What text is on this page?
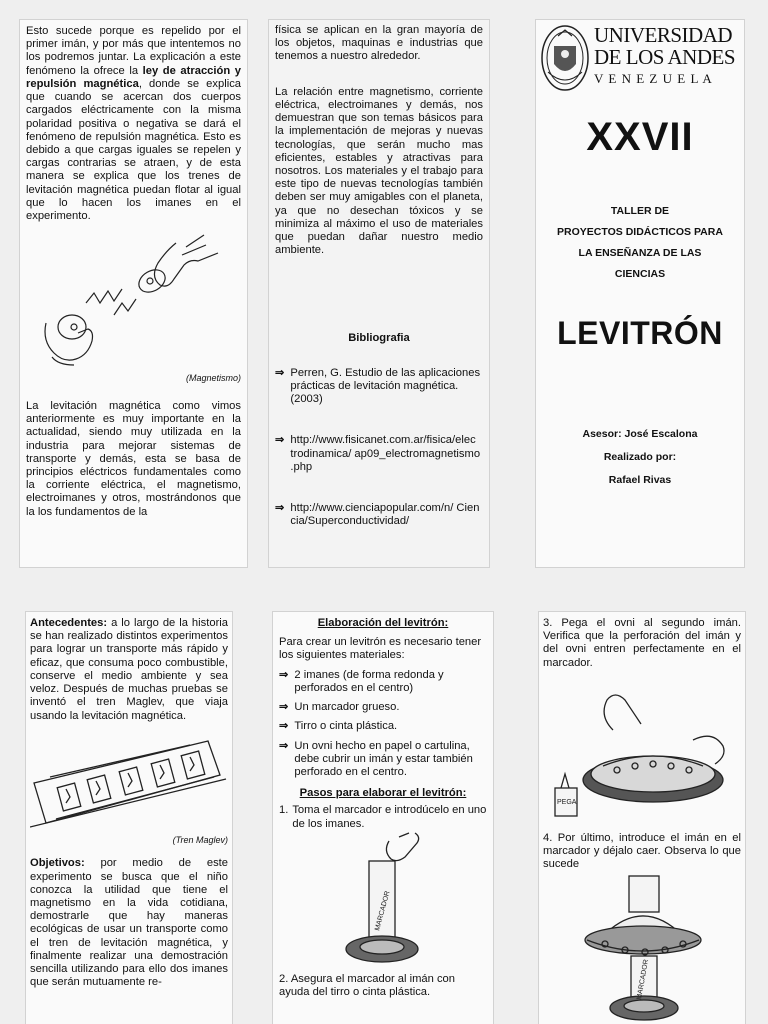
Esto sucede porque es repelido por el primer imán, y por más que intentemos no los podremos juntar. La explicación a este fenómeno la ofrece la ley de atracción y repulsión magnética, donde se explica que cuando se acercan dos cuerpos cargados eléctricamente con la misma polaridad positiva o negativa se dará el fenómeno de repulsión magnética. Esto es debido a que cargas iguales se repelen y cargas contrarias se atraen, y de esta manera se explica que los trenes de levitación magnética puedan flotar al igual que lo hacen los imanes en el experimento.

(Magnetismo)

La levitación magnética como vimos anteriormente es muy importante en la actualidad, siendo muy utilizada en la industria para mejorar sistemas de transporte y demás, esta se basa de principios eléctricos fundamentales como la corriente eléctrica, el magnetismo, electroimanes y otros, mostrándonos que la los fundamentos de la

física se aplican en la gran mayoría de los objetos, maquinas e industrias que tenemos a nuestro alrededor.

La relación entre magnetismo, corriente eléctrica, electroimanes y demás, nos demuestran que son temas básicos para la implementación de mejoras y nuevas tecnologías, que serán mucho mas eficientes, estables y atractivas para nosotros. Los materiales y el trabajo para este tipo de nuevas tecnologías también deben ser muy amigables con el planeta, ya que no desechan tóxicos y se minimiza al máximo el uso de materiales que puedan dañar nuestro medio ambiente.

Bibliografia

⇒ Perren, G. Estudio de las aplicaciones prácticas de levitación magnética. (2003)
⇒ http://www.fisicanet.com.ar/fisica/elec trodinamica/ ap09_electromagnetismo .php
⇒ http://www.cienciapopular.com/n/ Cien cia/Superconductividad/
UNIVERSIDAD
DE LOS ANDES
V E N E Z U E L A
XXVII
TALLER DE
PROYECTOS DIDÁCTICOS PARA
LA ENSEÑANZA DE LAS
CIENCIAS
LEVITRÓN
Asesor: José Escalona
Realizado por:
Rafael Rivas

Antecedentes: a lo largo de la historia se han realizado distintos experimentos para lograr un transporte más rápido y eficaz, que consuma poco combustible, conserve el medio ambiente y sea veloz. Después de muchas pruebas se inventó el tren Maglev, que viaja usando la levitación magnética.

(Tren Maglev)

Objetivos: por medio de este experimento se busca que el niño conozca la utilidad que tiene el magnetismo en la vida cotidiana, demostrarle que hay maneras ecológicas de usar un transporte como el tren de levitación magnética, y finalmente realizar una demostración sencilla utilizando para ello dos imanes que serán mutuamente re-

Elaboración del levitrón:

Para crear un levitrón es necesario tener los siguientes materiales:

⇒ 2 imanes (de forma redonda y perforados en el centro)
⇒ Un marcador grueso.
⇒ Tirro o cinta plástica.
⇒ Un ovni hecho en papel o cartulina, debe cubrir un imán y estar también perforado en el centro.

Pasos para elaborar el levitrón:

1. Toma el marcador e introdúcelo en uno de los imanes.
MARCADOR

2. Asegura el marcador al imán con ayuda del tirro o cinta plástica.

3. Pega el ovni al segundo imán. Verifica que la perforación del imán y del ovni entren perfectamente en el marcador.

PEGA

4. Por último, introduce el imán en el marcador y déjalo caer. Observa lo que sucede

MARCADOR
